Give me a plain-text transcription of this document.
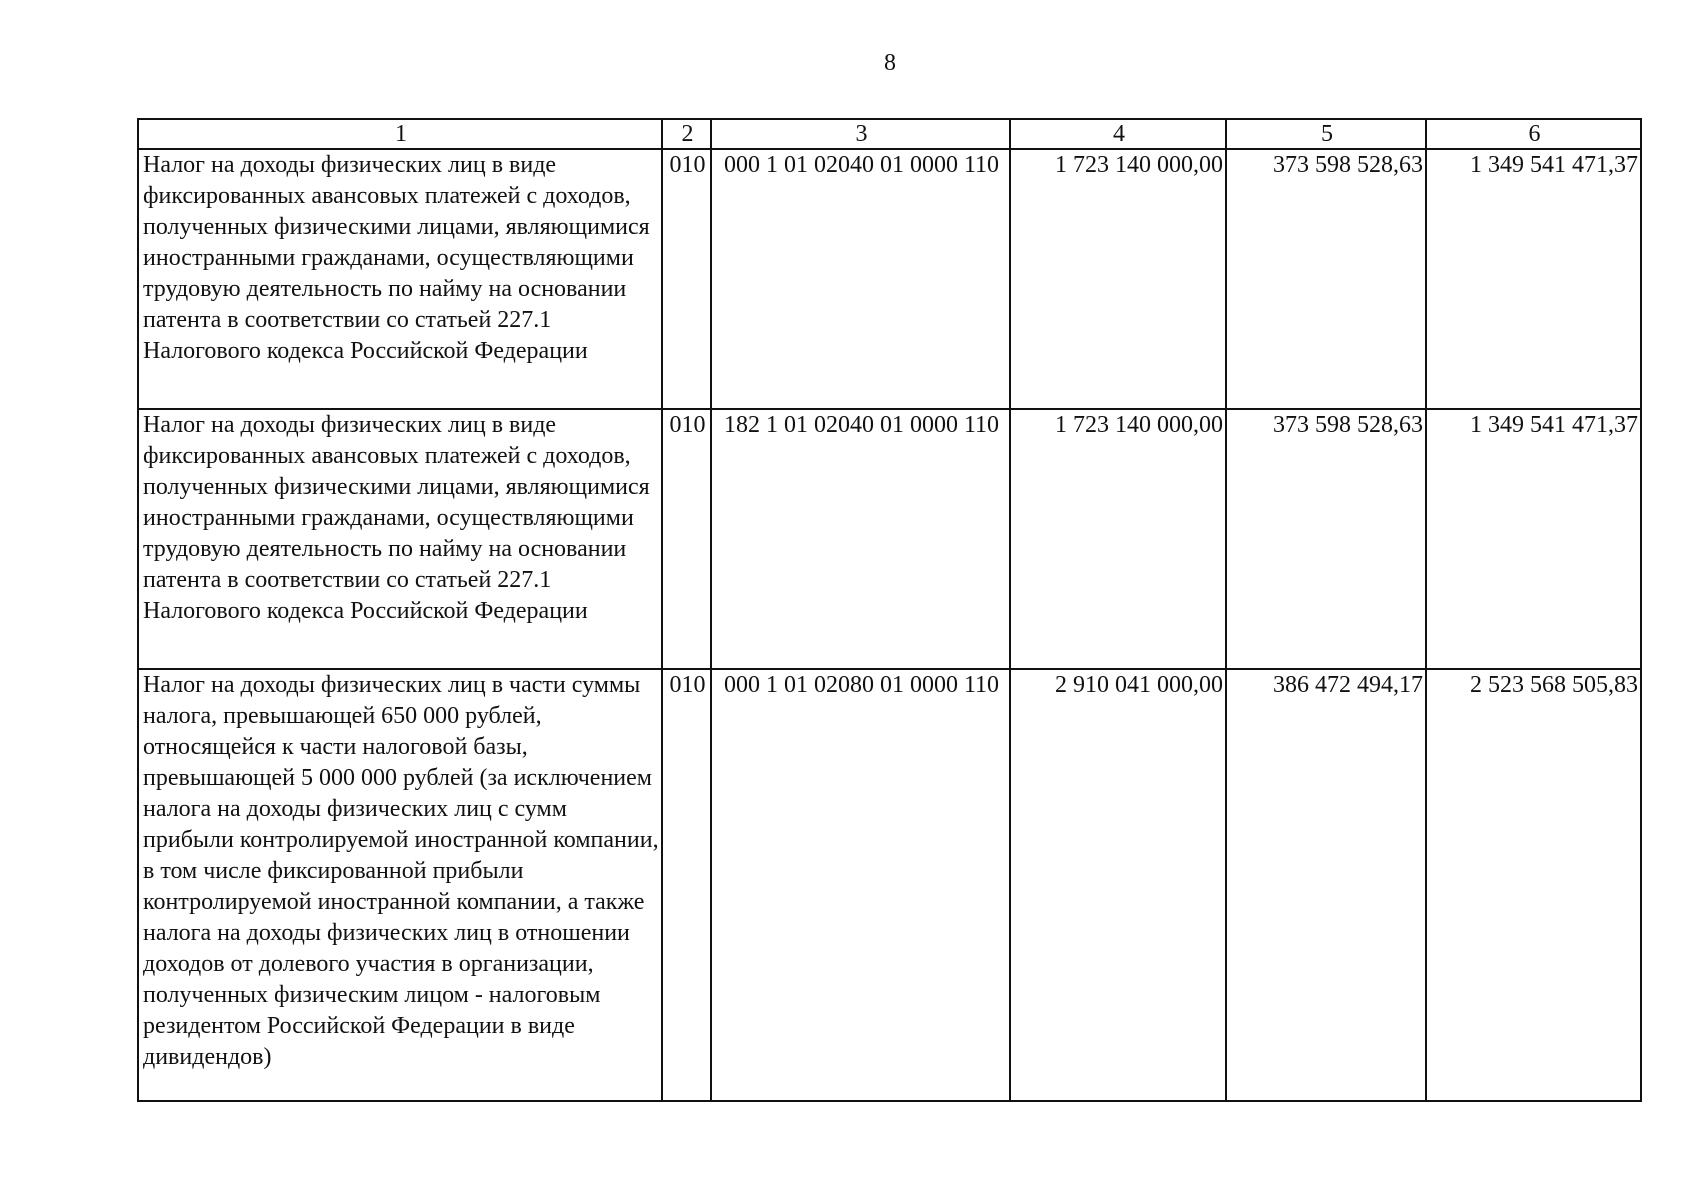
8
1	2	3	4	5	6
Налог на доходы физических лиц в виде фиксированных авансовых платежей с доходов, полученных физическими лицами, являющимися иностранными гражданами, осуществляющими трудовую деятельность по найму на основании патента в соответствии со статьей 227.1 Налогового кодекса Российской Федерации	010	000 1 01 02040 01 0000 110	1 723 140 000,00	373 598 528,63	1 349 541 471,37
Налог на доходы физических лиц в виде фиксированных авансовых платежей с доходов, полученных физическими лицами, являющимися иностранными гражданами, осуществляющими трудовую деятельность по найму на основании патента в соответствии со статьей 227.1 Налогового кодекса Российской Федерации	010	182 1 01 02040 01 0000 110	1 723 140 000,00	373 598 528,63	1 349 541 471,37
Налог на доходы физических лиц в части суммы налога, превышающей 650 000 рублей, относящейся к части налоговой базы, превышающей 5 000 000 рублей (за исключением налога на доходы физических лиц с сумм прибыли контролируемой иностранной компании, в том числе фиксированной прибыли контролируемой иностранной компании, а также налога на доходы физических лиц в отношении доходов от долевого участия в организации, полученных физическим лицом - налоговым резидентом Российской Федерации в виде дивидендов)	010	000 1 01 02080 01 0000 110	2 910 041 000,00	386 472 494,17	2 523 568 505,83
